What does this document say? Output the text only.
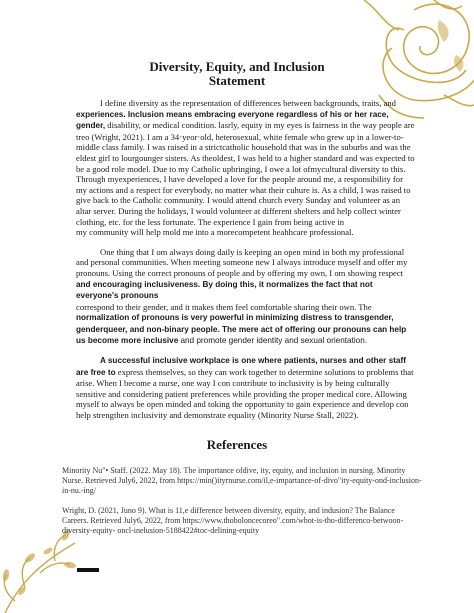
Diversity, Equity, and Inclusion
Statement

I define diversity as the representation of differences between backgrounds, traits, and experiences. Inclusion means embracing everyone regardless of his or her race, gender, disability, or medical condition. lasrly, equity in my eyes is fairness in the way people are treo (Wright, 2021). I am a 34·yeor·old, heterosexual, white female who grew up in a lower-to-middle class family. I was raised in a strictcatholic household that was in the suburbs and was the eldest girl to lourgounger sisters. As theoldest, I was held to a higher standard and was expected to be a good role model. Due to my Catholic upbringing, I owe a lot ofmycultural diversity to this. Through myexperiences, I have developed a love for the people around me, a responsibility for my actions and a respect for everybody, no matter what their cuhure is. As a child, I was raised to give back to the Catholic community. I would attend church every Sunday and volunteer as an altar server. During the holidays, I would volunteer at different shelters and help collect winter clothing, etc. for the less fortunate. The experience I gain from being active in

my community will help mold me into a morecompetent heahhcare professional.

One thing that I om always doing daily is keeping an open mind in both my professional and personal communities. When meeting someone new I always introduce myself and offer my pronouns. Using the correct pronouns of people and by offering my own, I om showing respect and encouraging inclusiveness. By doing this, it normalizes the fact that not everyone's pronouns

correspond to their gender, and it makes them feel comfortable sharing their own. The normalization of pronouns is very powerful in minimizing distress to transgender, genderqueer, and non-binary people. The mere act of offering our pronouns can help us become more inclusive and promote gender identity and sexual orientation.

A successful inclusive workplace is one where patients, nurses and other staff are free to express themselves, so they can work together to determine solutions to problems that arise. When I become a nurse, one way I con contribute to inclusivity is by being culturally sensitive and considering patient preferences while providing the proper medical core. Allowing myself to always be open minded and toking the opportunity to gain experience and develop con help strengthen inclusivity and demonstrate equality (Minority Nurse Stall, 2022).

References

Minority Nu"• Staff. (2022. May 18). The importance ofdive, ity, equity, and inclusion in nursing. Minority Nurse. Retrieved July6, 2022, from https://min()ityrnurse.com/il,e-impartance-of-divo"ity-equity-ond-inclusion-in-nu.-ing/

Wright, D. (2021, Juno 9). What is 11,e difference between diversity, equity, and indusion? The Balance Careers. Retrieved July6, 2022, from https://www.thoboloncecoreo".com/whot-is-tho-differenco-betwoon-diversity-equity- oncl-inelusion-5188422#toc-delining-equity
